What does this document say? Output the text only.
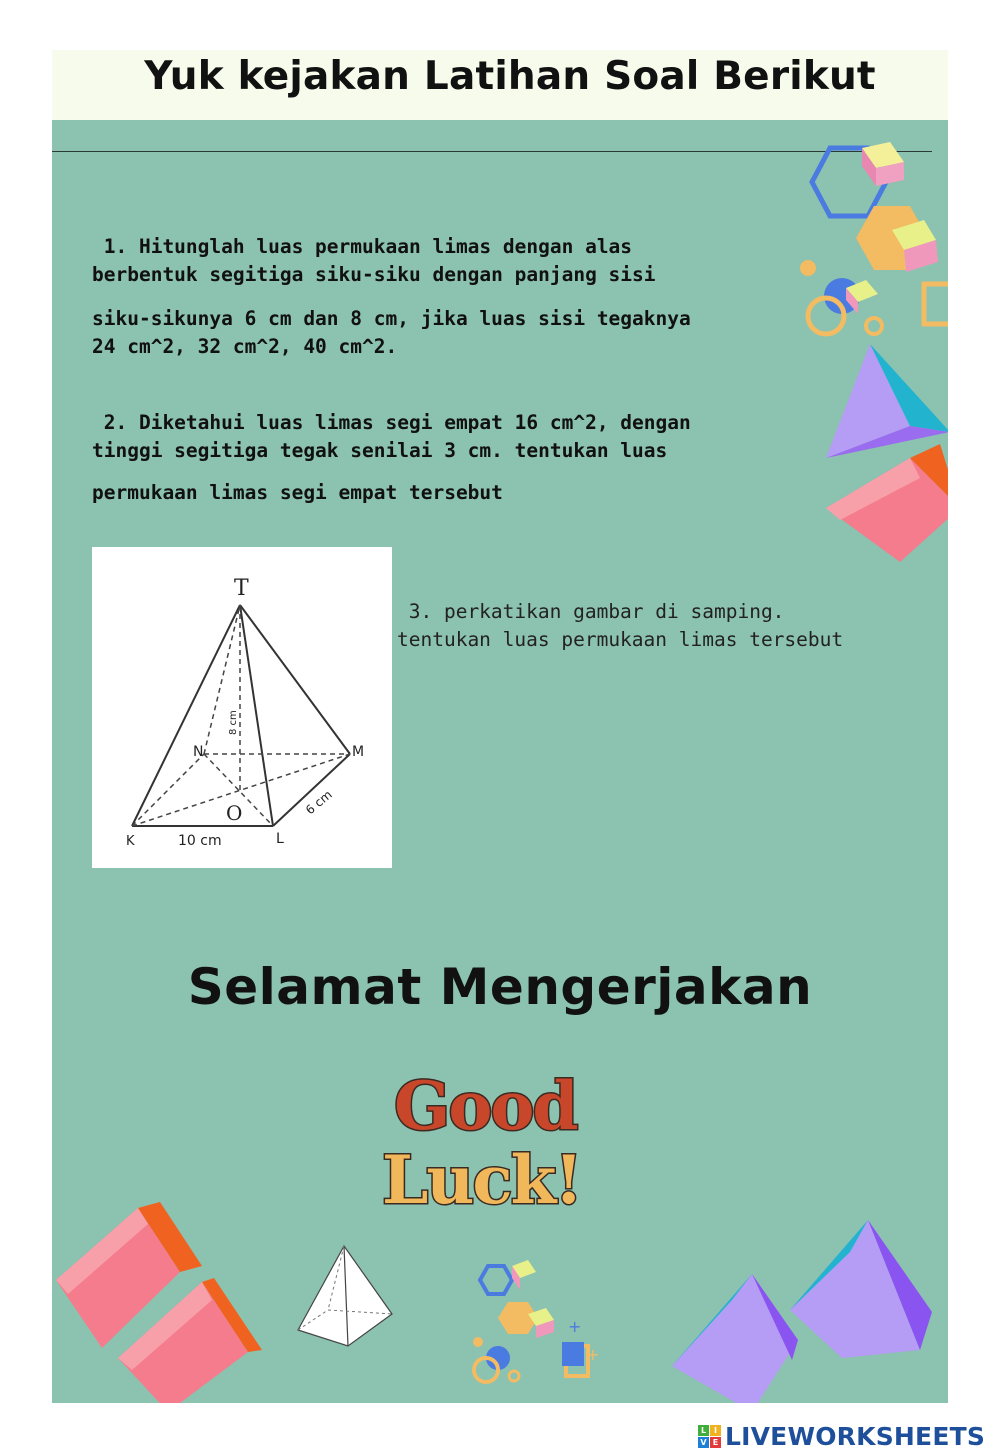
Yuk kejakan Latihan Soal Berikut
1. Hitunglah luas permukaan limas dengan alas
berbentuk segitiga siku-siku dengan panjang sisi
siku-sikunya 6 cm dan 8 cm, jika luas sisi tegaknya
24 cm^2, 32 cm^2, 40 cm^2.
2. Diketahui luas limas segi empat 16 cm^2, dengan
tinggi segitiga tegak senilai 3 cm. tentukan luas
permukaan limas segi empat tersebut
T
K	L
M
N
O
10 cm
6 cm
8 cm
3. perkatikan gambar di samping.
tentukan luas permukaan limas tersebut
Selamat Mengerjakan
Good
Luck!
+
+
L I
V E LIVEWORKSHEETS
